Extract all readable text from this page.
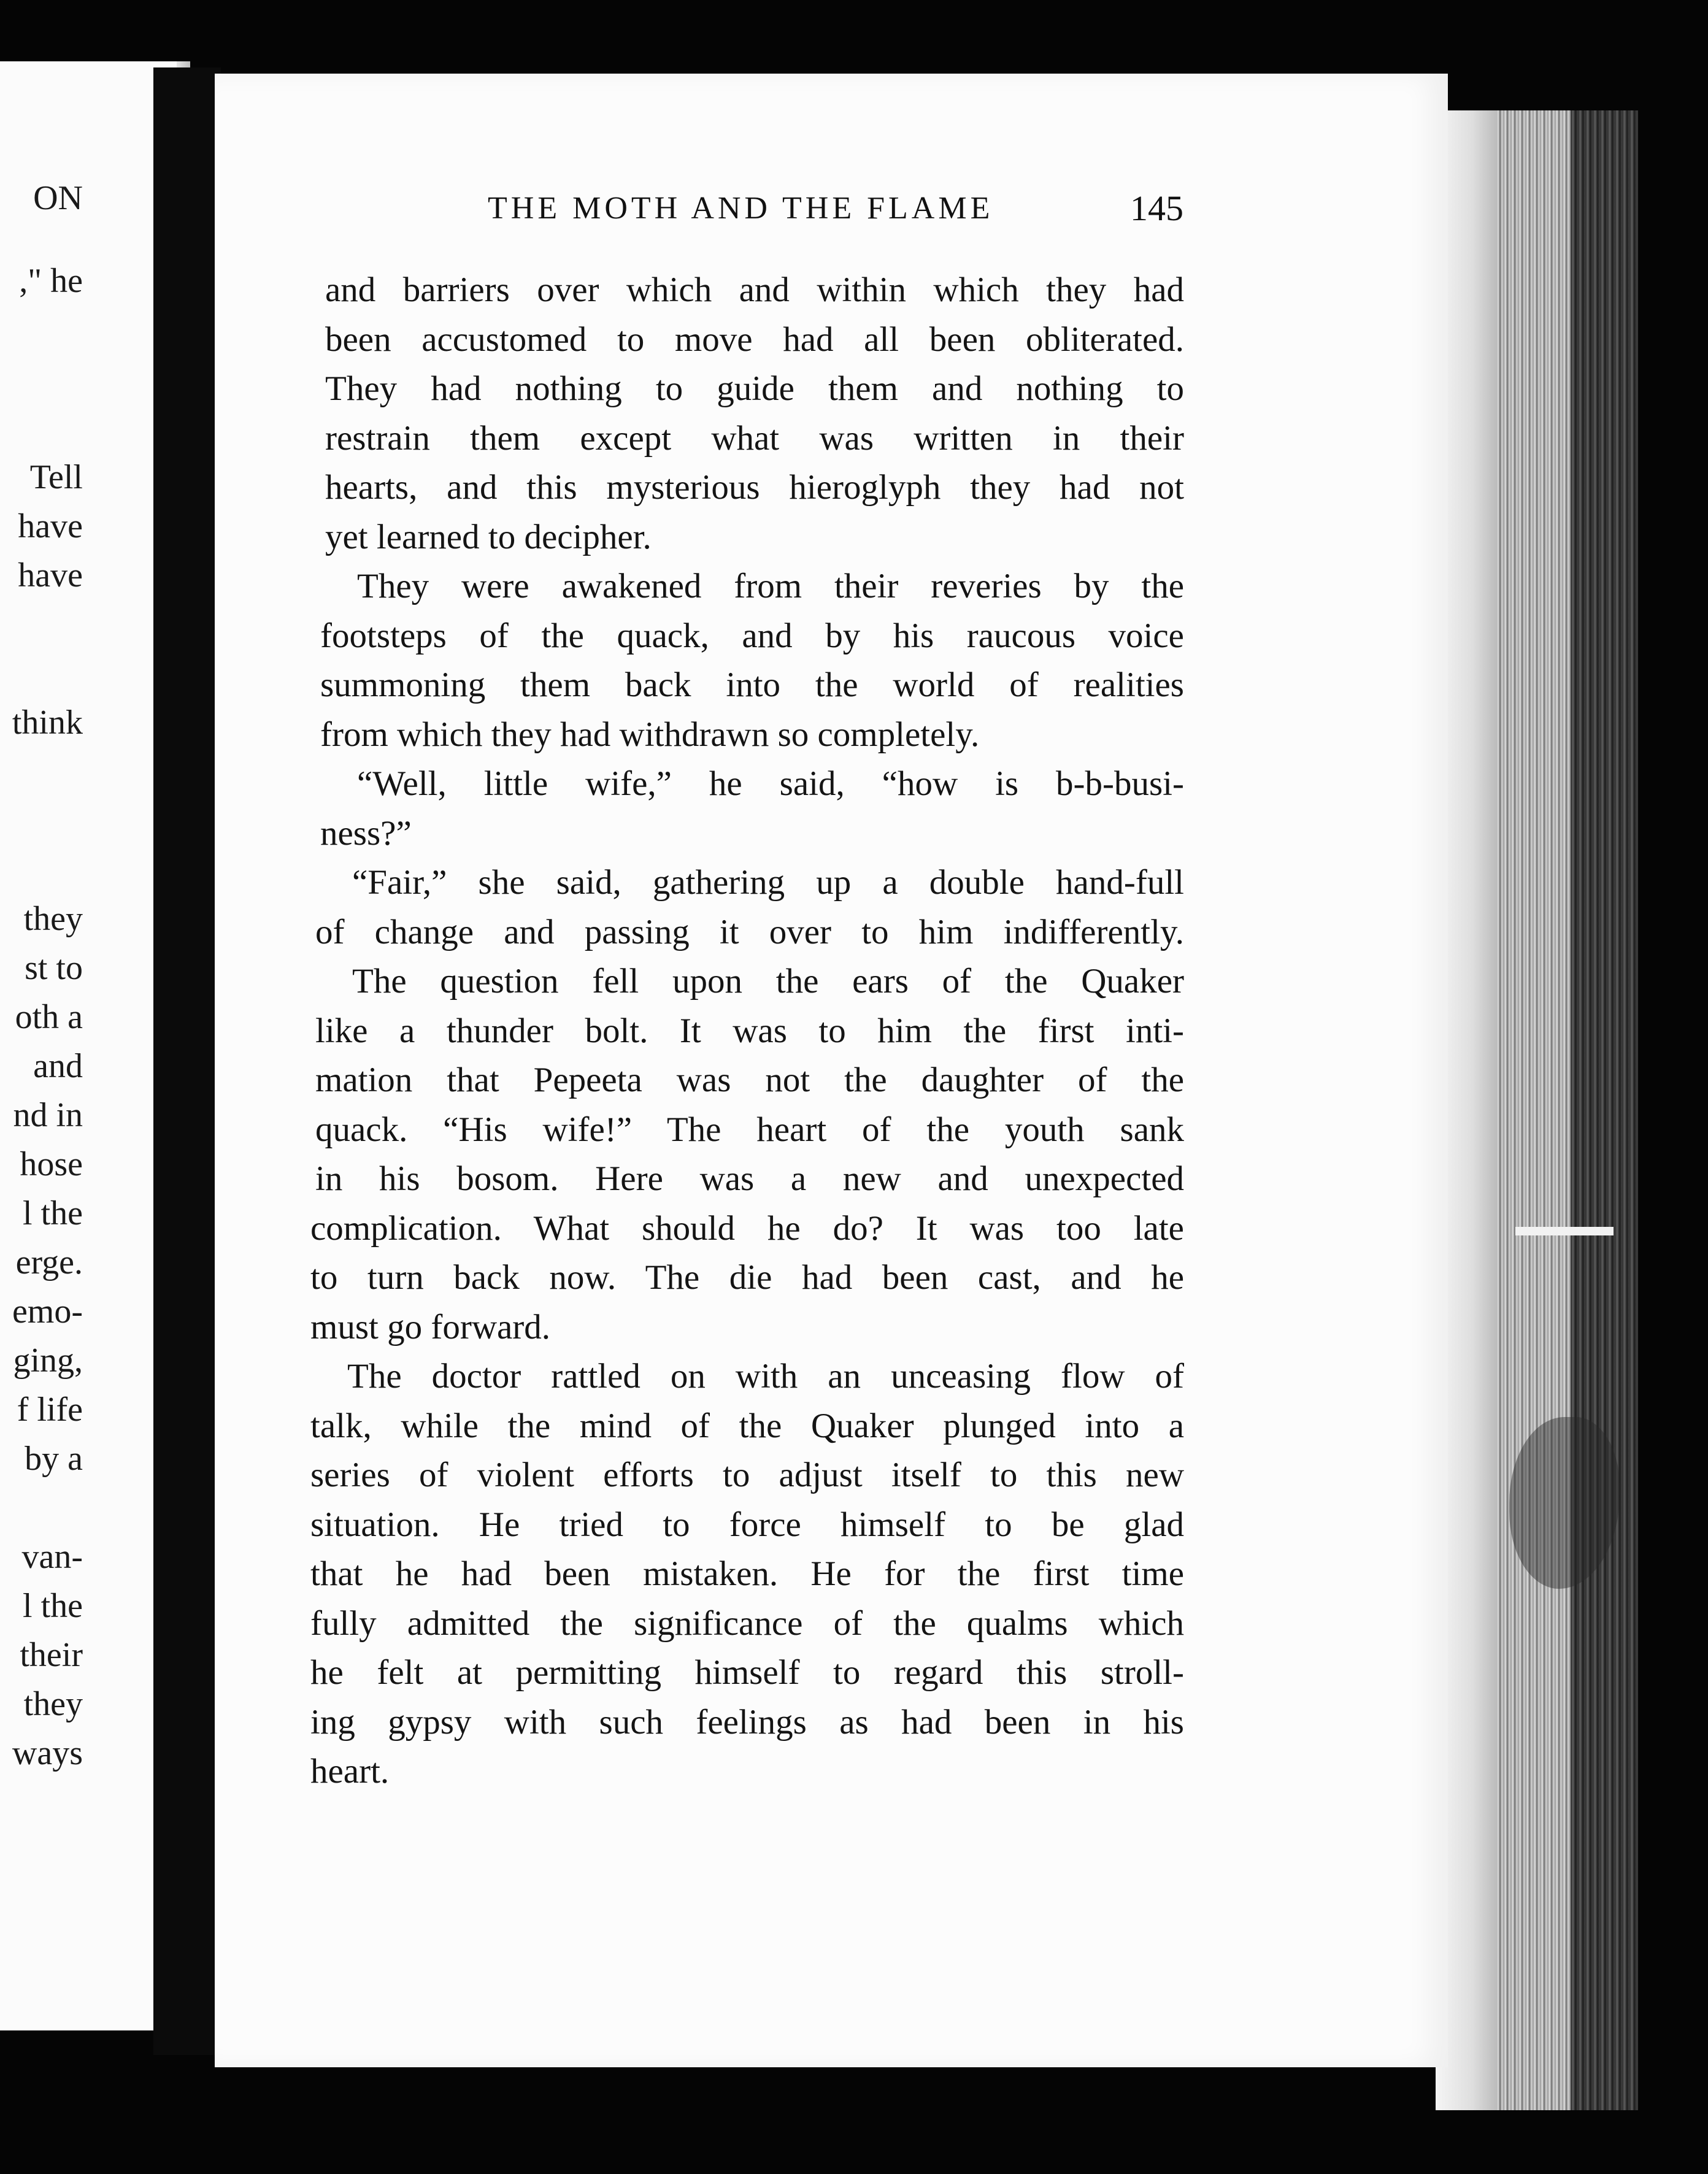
ON
," he
Tell
have
have
think
they
st to
oth a
and
nd in
hose
l the
erge.
emo-
ging,
f life
by a
van-
l the
their
they
ways
THE MOTH AND THE FLAME	145
and barriers over which and within which they had
been accustomed to move had all been obliterated.
They had nothing to guide them and nothing to
restrain them except what was written in their
hearts, and this mysterious hieroglyph they had not
yet learned to decipher.
They were awakened from their reveries by the
footsteps of the quack, and by his raucous voice
summoning them back into the world of realities
from which they had withdrawn so completely.
“Well, little wife,” he said, “how is b-b-busi-
ness?”
“Fair,” she said, gathering up a double hand-full
of change and passing it over to him indifferently.
The question fell upon the ears of the Quaker
like a thunder bolt. It was to him the first inti-
mation that Pepeeta was not the daughter of the
quack. “His wife!” The heart of the youth sank
in his bosom. Here was a new and unexpected
complication. What should he do? It was too late
to turn back now. The die had been cast, and he
must go forward.
The doctor rattled on with an unceasing flow of
talk, while the mind of the Quaker plunged into a
series of violent efforts to adjust itself to this new
situation. He tried to force himself to be glad
that he had been mistaken. He for the first time
fully admitted the significance of the qualms which
he felt at permitting himself to regard this stroll-
ing gypsy with such feelings as had been in his
heart.
